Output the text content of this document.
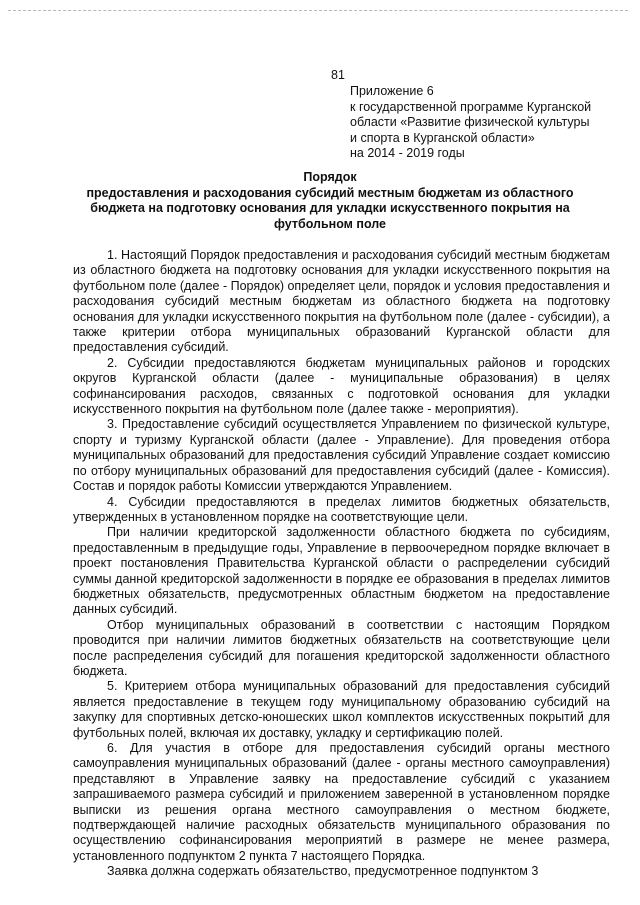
81
Приложение 6
к государственной программе Курганской
области «Развитие физической культуры
и спорта в Курганской области»
на 2014 - 2019 годы
Порядок
предоставления и расходования субсидий местным бюджетам из областного бюджета на подготовку основания для укладки искусственного покрытия на футбольном поле

1. Настоящий Порядок предоставления и расходования субсидий местным бюджетам из областного бюджета на подготовку основания для укладки искусственного покрытия на футбольном поле (далее - Порядок) определяет цели, порядок и условия предоставления и расходования субсидий местным бюджетам из областного бюджета на подготовку основания для укладки искусственного покрытия на футбольном поле (далее - субсидии), а также критерии отбора муниципальных образований Курганской области для предоставления субсидий.

2. Субсидии предоставляются бюджетам муниципальных районов и городских округов Курганской области (далее - муниципальные образования) в целях софинансирования расходов, связанных с подготовкой основания для укладки искусственного покрытия на футбольном поле (далее также - мероприятия).

3. Предоставление субсидий осуществляется Управлением по физической культуре, спорту и туризму Курганской области (далее - Управление). Для проведения отбора муниципальных образований для предоставления субсидий Управление создает комиссию по отбору муниципальных образований для предоставления субсидий (далее - Комиссия). Состав и порядок работы Комиссии утверждаются Управлением.

4. Субсидии предоставляются в пределах лимитов бюджетных обязательств, утвержденных в установленном порядке на соответствующие цели.

При наличии кредиторской задолженности областного бюджета по субсидиям, предоставленным в предыдущие годы, Управление в первоочередном порядке включает в проект постановления Правительства Курганской области о распределении субсидий суммы данной кредиторской задолженности в порядке ее образования в пределах лимитов бюджетных обязательств, предусмотренных областным бюджетом на предоставление данных субсидий.

Отбор муниципальных образований в соответствии с настоящим Порядком проводится при наличии лимитов бюджетных обязательств на соответствующие цели после распределения субсидий для погашения кредиторской задолженности областного бюджета.

5. Критерием отбора муниципальных образований для предоставления субсидий является предоставление в текущем году муниципальному образованию субсидий на закупку для спортивных детско-юношеских школ комплектов искусственных покрытий для футбольных полей, включая их доставку, укладку и сертификацию полей.

6. Для участия в отборе для предоставления субсидий органы местного самоуправления муниципальных образований (далее - органы местного самоуправления) представляют в Управление заявку на предоставление субсидий с указанием запрашиваемого размера субсидий и приложением заверенной в установленном порядке выписки из решения органа местного самоуправления о местном бюджете, подтверждающей наличие расходных обязательств муниципального образования по осуществлению софинансирования мероприятий в размере не менее размера, установленного подпунктом 2 пункта 7 настоящего Порядка.

Заявка должна содержать обязательство, предусмотренное подпунктом 3
